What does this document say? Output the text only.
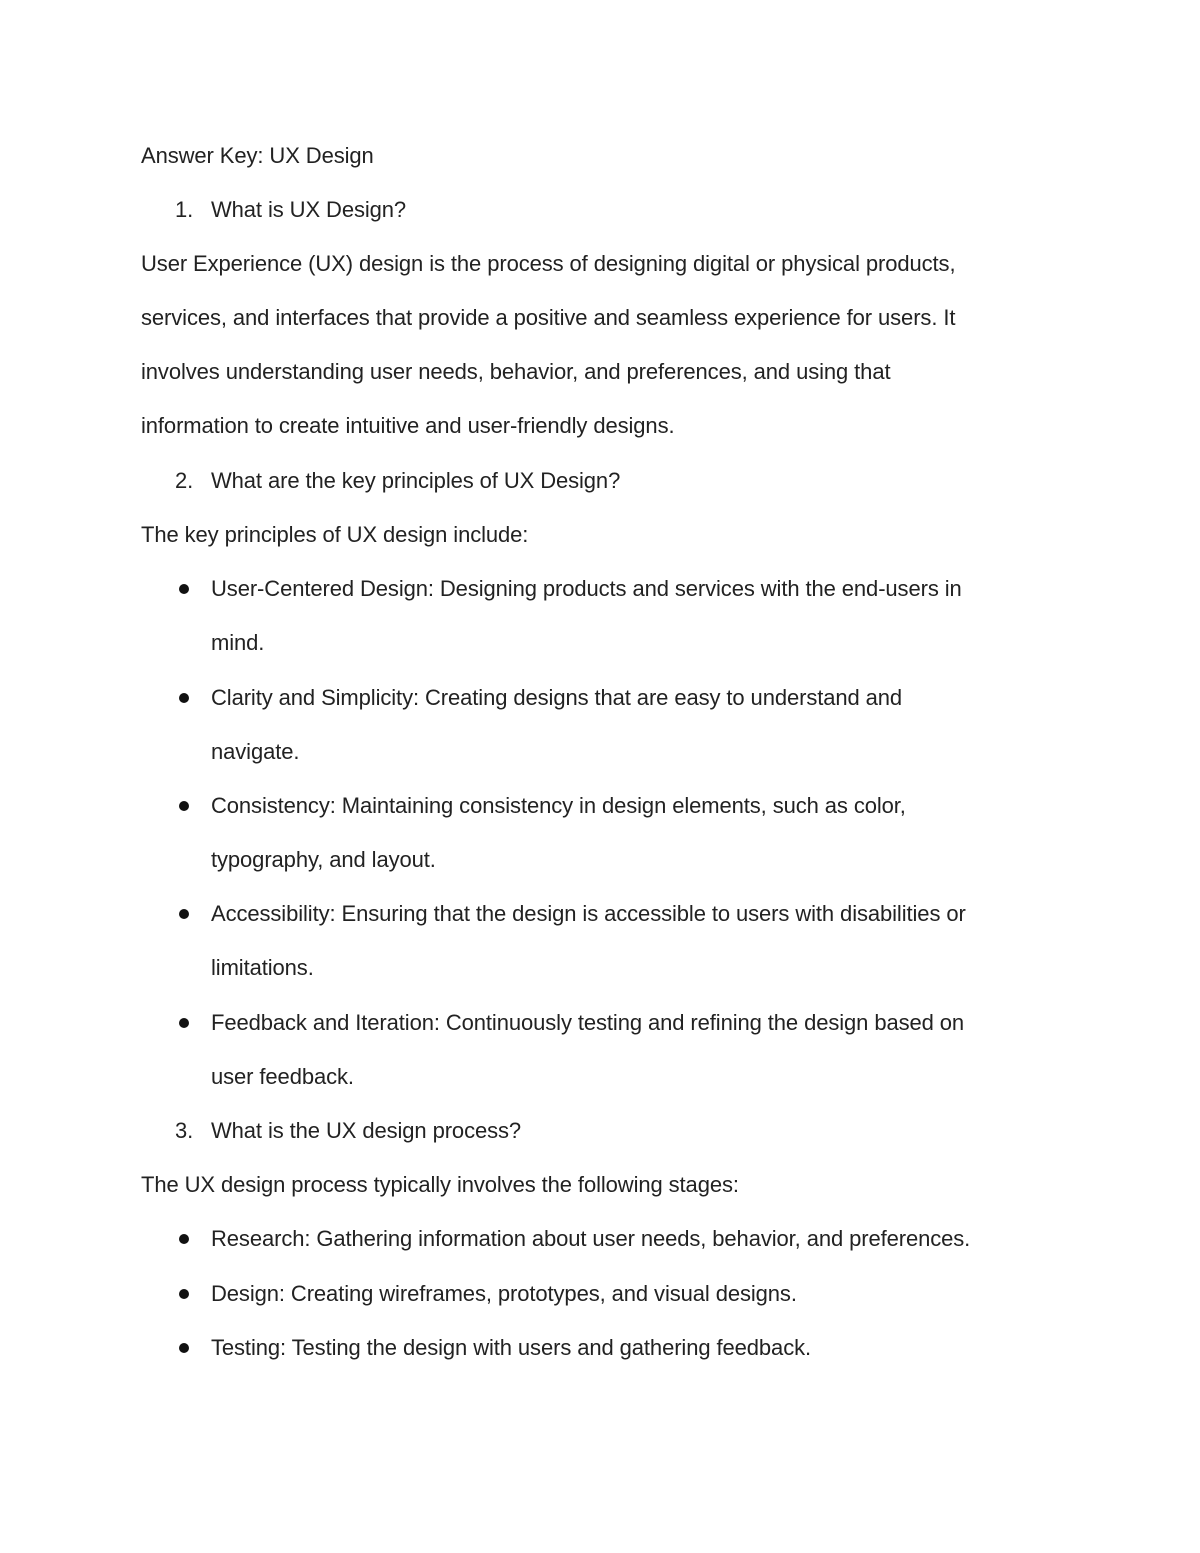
Answer Key: UX Design
1. What is UX Design?
User Experience (UX) design is the process of designing digital or physical products,
services, and interfaces that provide a positive and seamless experience for users. It
involves understanding user needs, behavior, and preferences, and using that
information to create intuitive and user-friendly designs.
2. What are the key principles of UX Design?
The key principles of UX design include:
User-Centered Design: Designing products and services with the end-users in
mind.
Clarity and Simplicity: Creating designs that are easy to understand and
navigate.
Consistency: Maintaining consistency in design elements, such as color,
typography, and layout.
Accessibility: Ensuring that the design is accessible to users with disabilities or
limitations.
Feedback and Iteration: Continuously testing and refining the design based on
user feedback.
3. What is the UX design process?
The UX design process typically involves the following stages:
Research: Gathering information about user needs, behavior, and preferences.
Design: Creating wireframes, prototypes, and visual designs.
Testing: Testing the design with users and gathering feedback.
